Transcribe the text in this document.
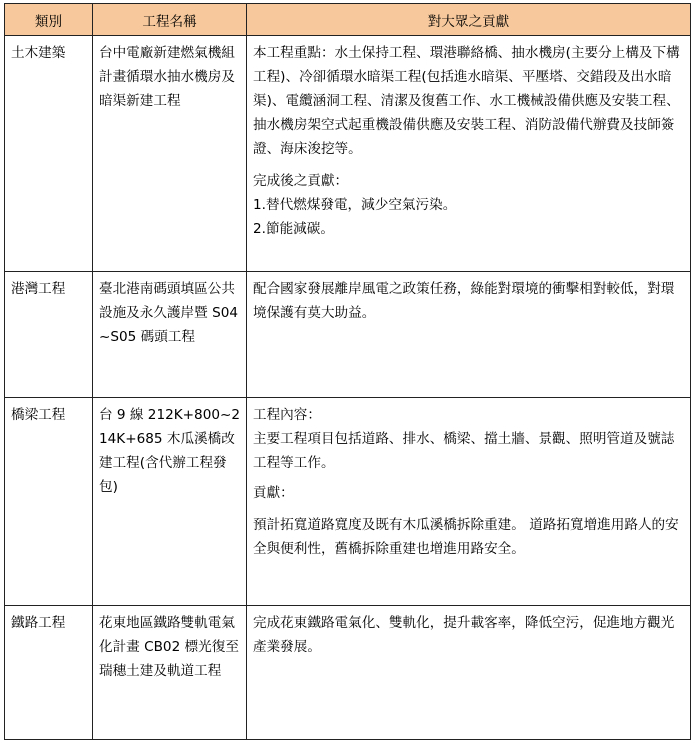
類別	工程名稱	對大眾之貢獻
土木建築	台中電廠新建燃氣機組計畫循環水抽水機房及暗渠新建工程	本工程重點：水土保持工程、環港聯絡橋、抽水機房(主要分上構及下構工程)、冷卻循環水暗渠工程(包括進水暗渠、平壓塔、交錯段及出水暗渠)、電纜涵洞工程、清潔及復舊工作、水工機械設備供應及安裝工程、抽水機房架空式起重機設備供應及安裝工程、消防設備代辦費及技師簽證、海床浚挖等。

完成後之貢獻：

1.替代燃煤發電，減少空氣污染。
2.節能減碳。

港灣工程	臺北港南碼頭填區公共設施及永久護岸暨 S04~S05 碼頭工程	配合國家發展離岸風電之政策任務，綠能對環境的衝擊相對較低，對環境保護有莫大助益。

橋梁工程	台 9 線 212K+800~214K+685 木瓜溪橋改建工程(含代辦工程發包)	工程內容：
主要工程項目包括道路、排水、橋梁、擋土牆、景觀、照明管道及號誌工程等工作。

貢獻：

預計拓寬道路寬度及既有木瓜溪橋拆除重建。 道路拓寬增進用路人的安全與便利性，舊橋拆除重建也增進用路安全。

鐵路工程	花東地區鐵路雙軌電氣化計畫 CB02 標光復至瑞穗土建及軌道工程	完成花東鐵路電氣化、雙軌化，提升載客率，降低空污，促進地方觀光產業發展。
